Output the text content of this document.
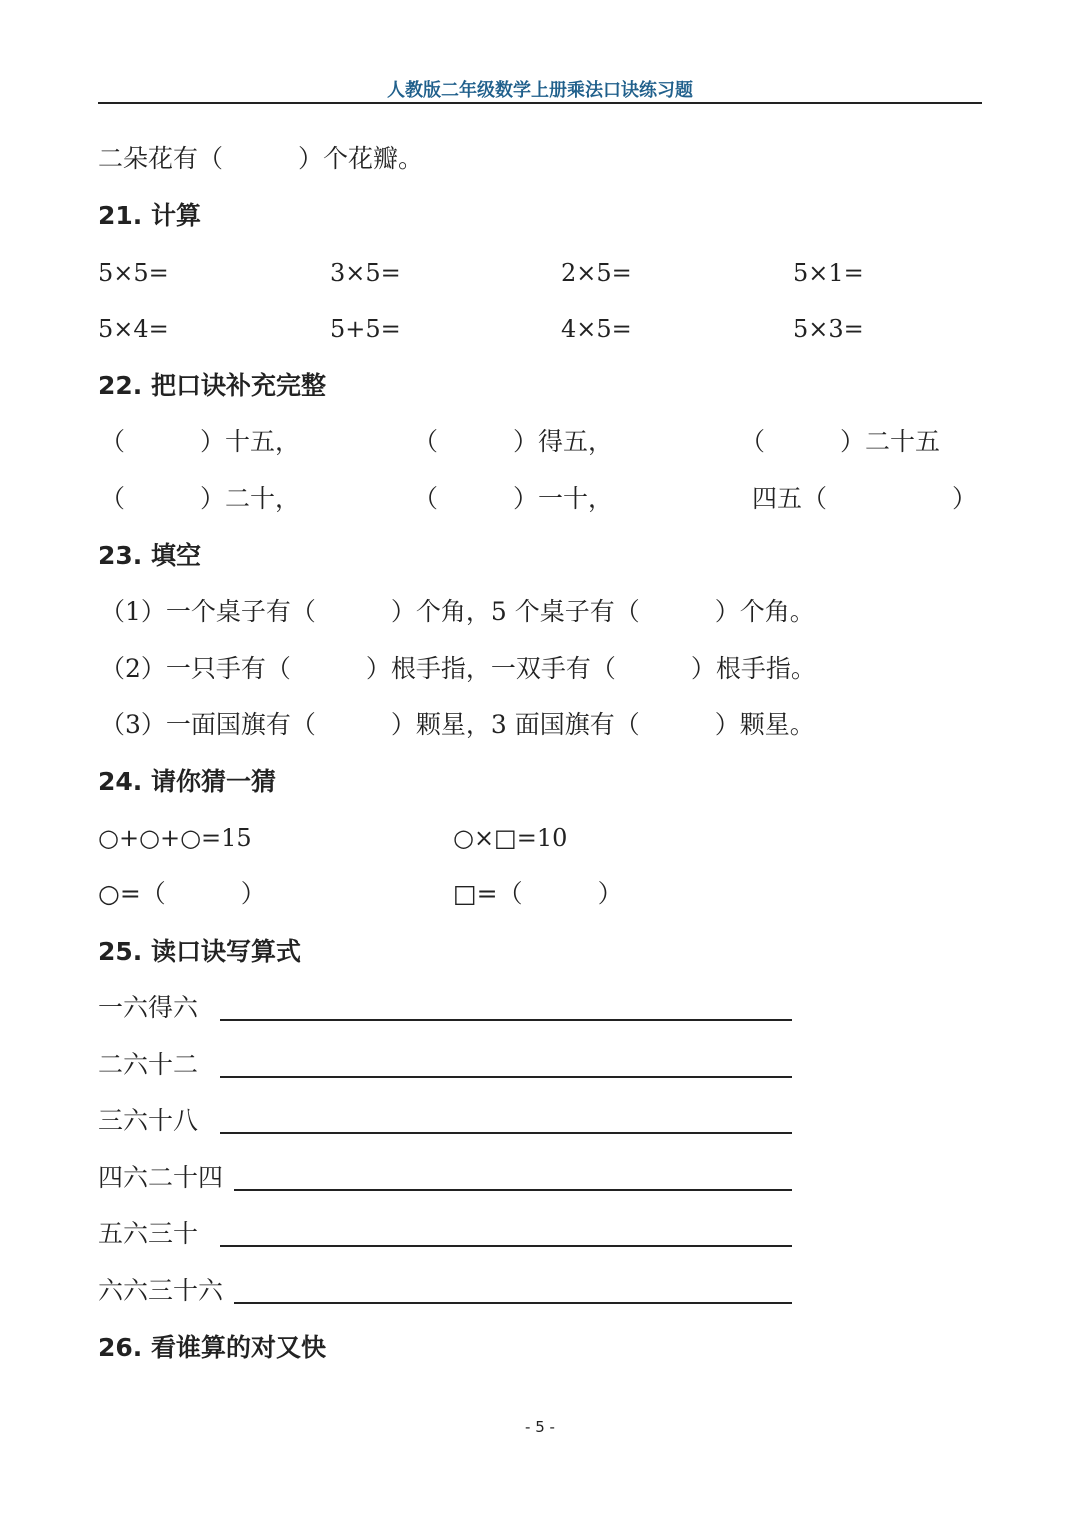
人教版二年级数学上册乘法口诀练习题
二朵花有（　　　）个花瓣。
21. 计算
5×5=	3×5=	2×5=	5×1=
5×4=	5+5=	4×5=	5×3=
22. 把口诀补充完整
（　　　）十五，	（　　　）得五，	（　　　）二十五
（　　　）二十，	（　　　）一十，	四五（　　　　　）
23. 填空
（1）一个桌子有（　　　）个角，5 个桌子有（　　　）个角。
（2）一只手有（　　　）根手指，一双手有（　　　）根手指。
（3）一面国旗有（　　　）颗星，3 面国旗有（　　　）颗星。
24. 请你猜一猜
○+○+○=15	○×□=10
○=（　　　）	□=（　　　）
25. 读口诀写算式
一六得六
二六十二
三六十八
四六二十四
五六三十
六六三十六
26. 看谁算的对又快
- 5 -
